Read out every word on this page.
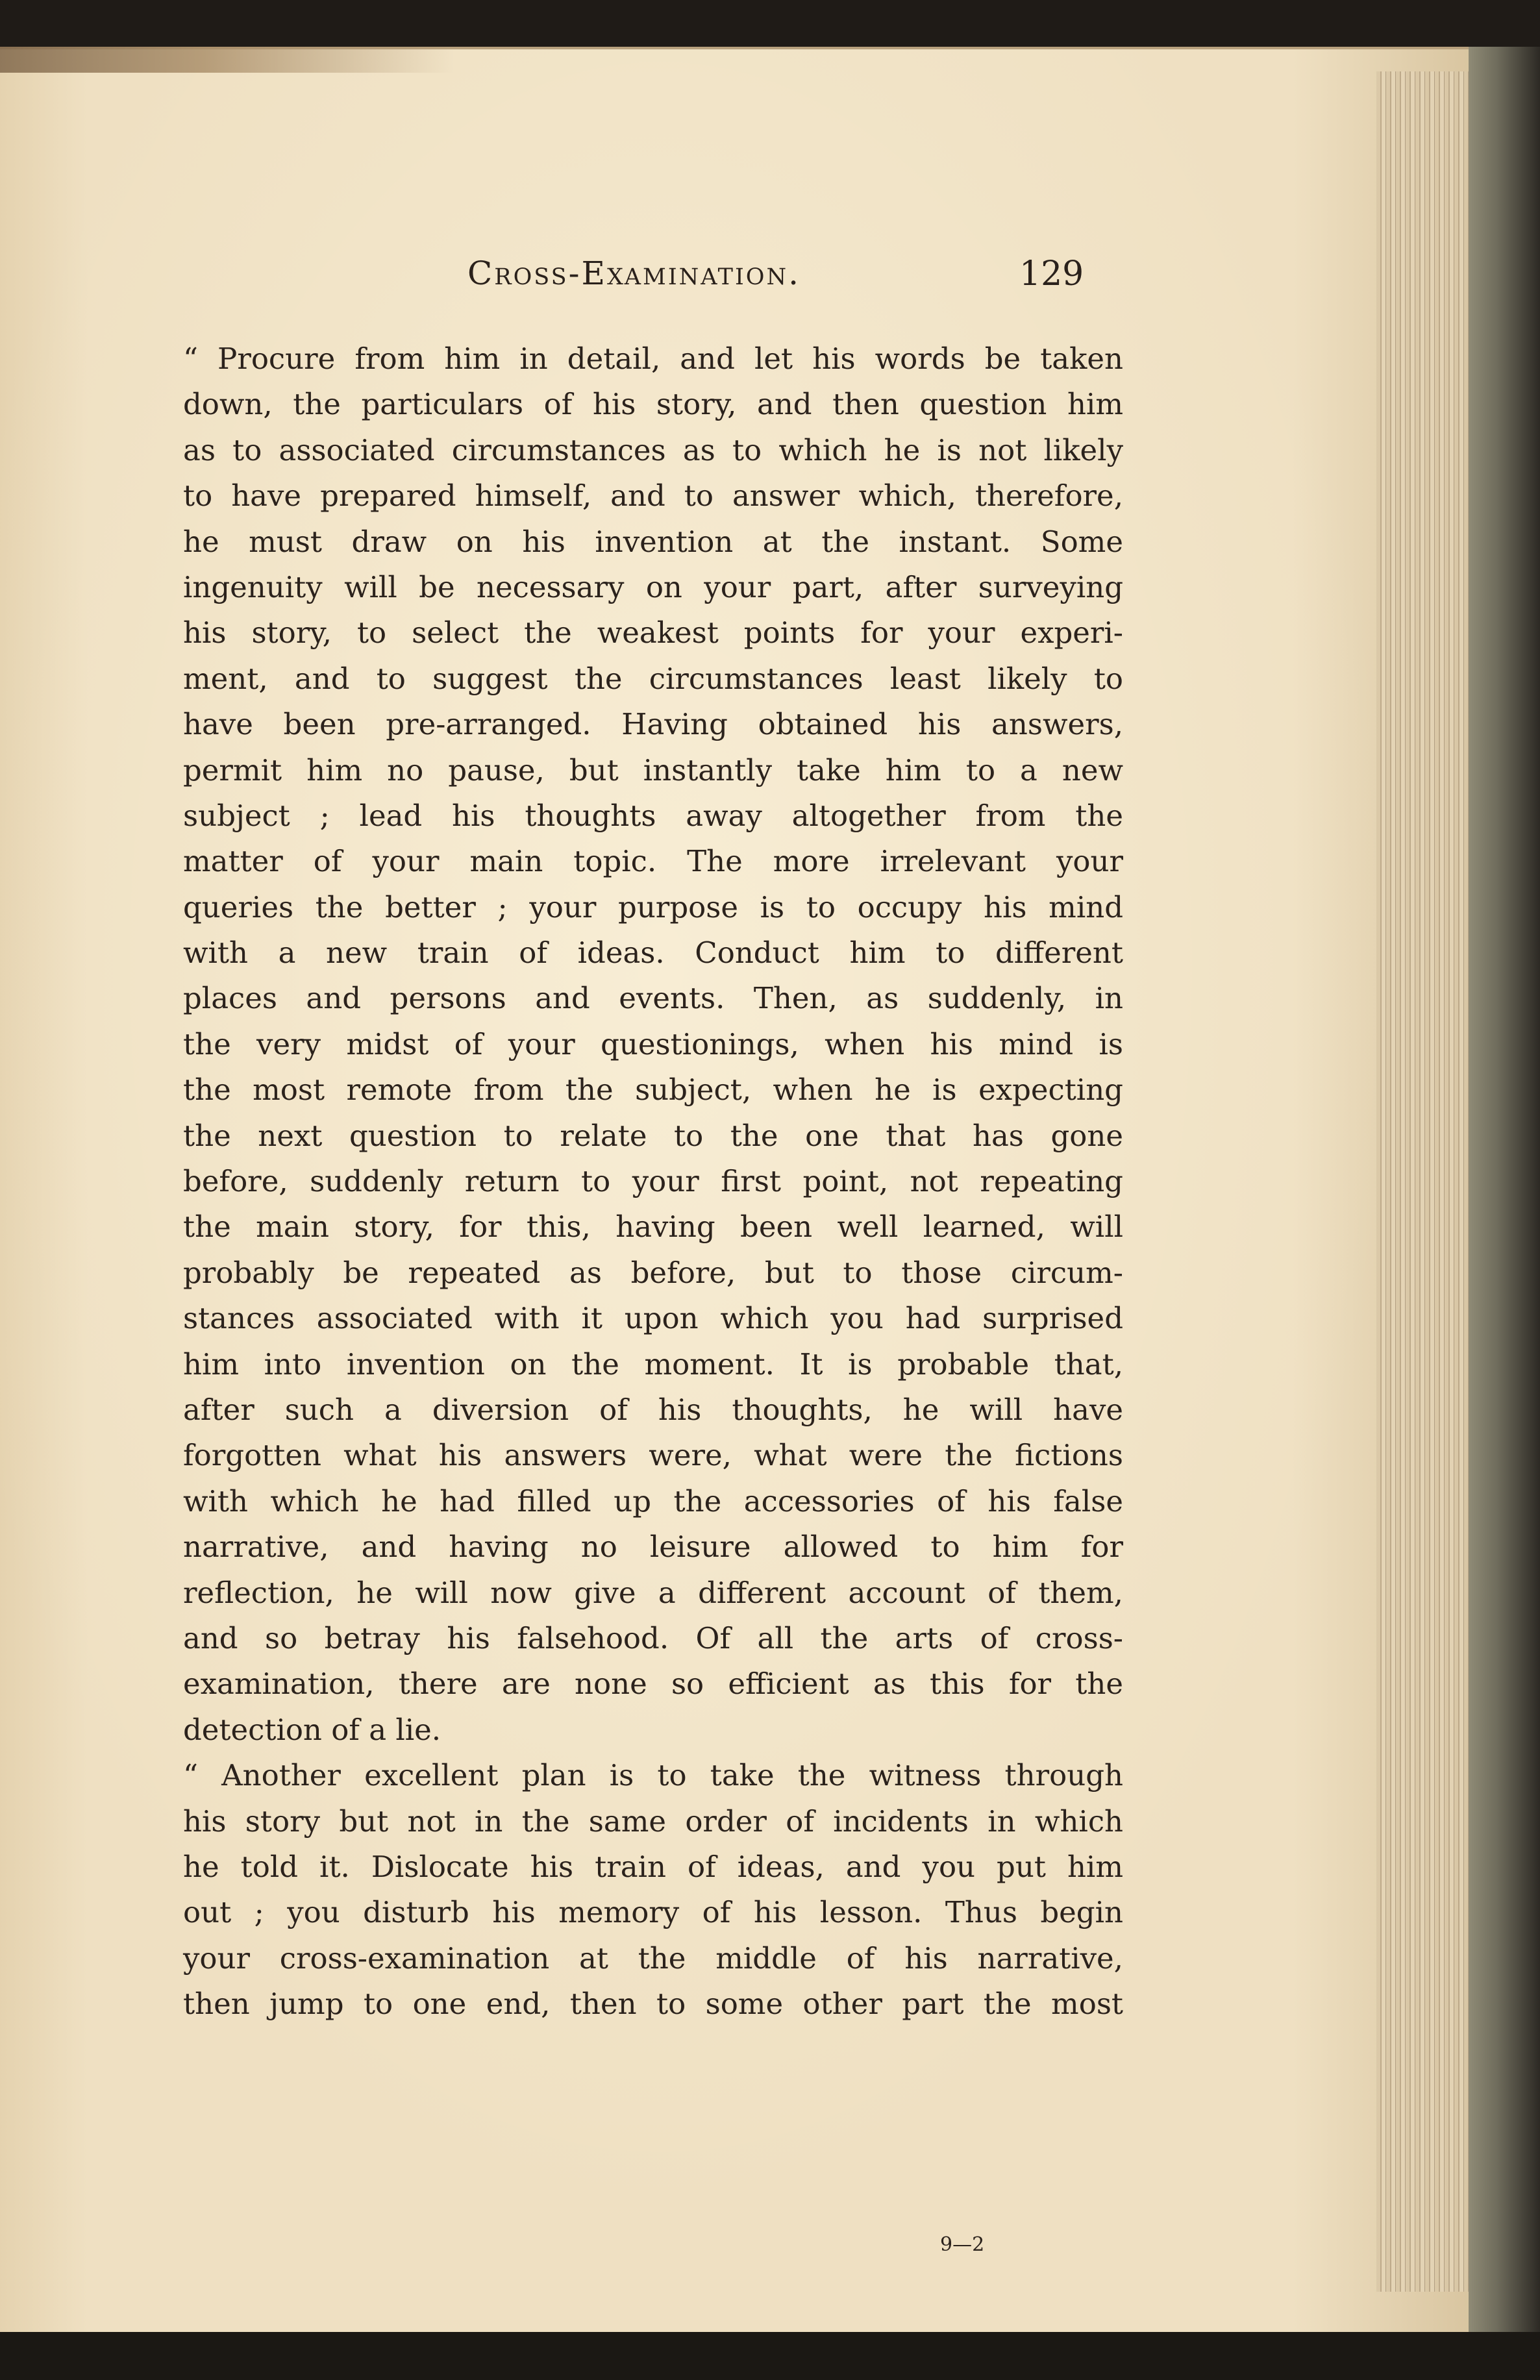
Cross-Examination.	129
“ Procure from him in detail, and let his words be taken
down, the particulars of his story, and then question him
as to associated circumstances as to which he is not likely
to have prepared himself, and to answer which, therefore,
he must draw on his invention at the instant. Some
ingenuity will be necessary on your part, after surveying
his story, to select the weakest points for your experi-
ment, and to suggest the circumstances least likely to
have been pre-arranged. Having obtained his answers,
permit him no pause, but instantly take him to a new
subject ; lead his thoughts away altogether from the
matter of your main topic. The more irrelevant your
queries the better ; your purpose is to occupy his mind
with a new train of ideas. Conduct him to different
places and persons and events. Then, as suddenly, in
the very midst of your questionings, when his mind is
the most remote from the subject, when he is expecting
the next question to relate to the one that has gone
before, suddenly return to your first point, not repeating
the main story, for this, having been well learned, will
probably be repeated as before, but to those circum-
stances associated with it upon which you had surprised
him into invention on the moment. It is probable that,
after such a diversion of his thoughts, he will have
forgotten what his answers were, what were the fictions
with which he had filled up the accessories of his false
narrative, and having no leisure allowed to him for
reflection, he will now give a different account of them,
and so betray his falsehood. Of all the arts of cross-
examination, there are none so efficient as this for the
detection of a lie.
“ Another excellent plan is to take the witness through
his story but not in the same order of incidents in which
he told it. Dislocate his train of ideas, and you put him
out ; you disturb his memory of his lesson. Thus begin
your cross-examination at the middle of his narrative,
then jump to one end, then to some other part the most
9—2
